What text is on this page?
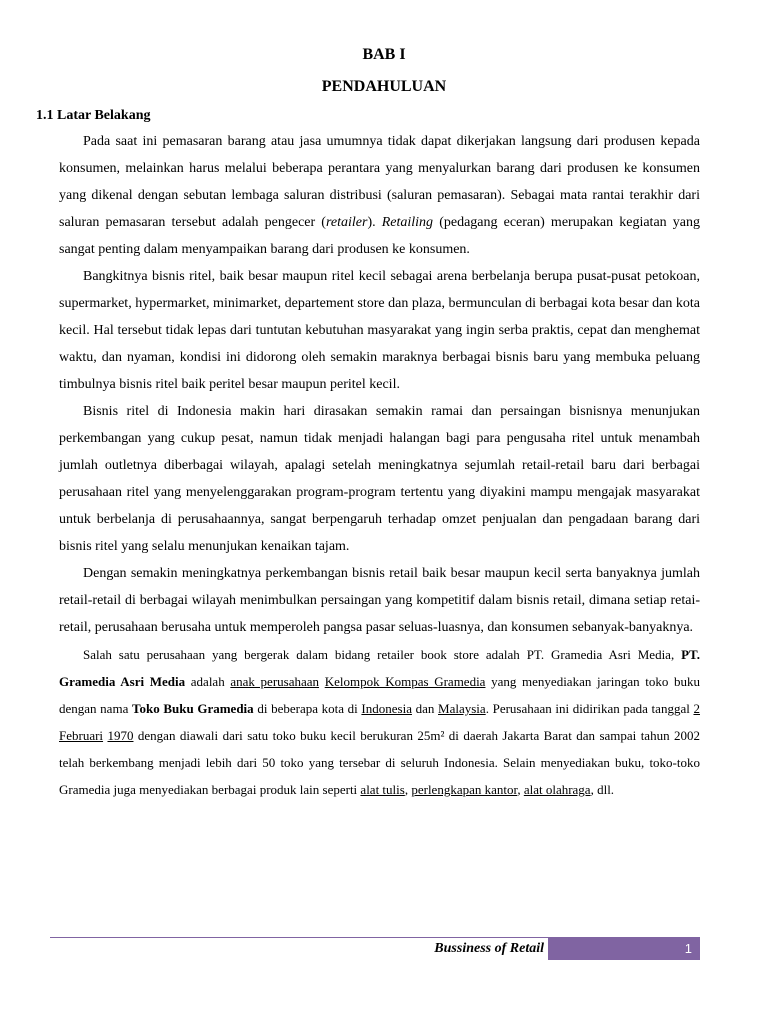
BAB I
PENDAHULUAN
1.1 Latar Belakang

Pada saat ini pemasaran barang atau jasa umumnya tidak dapat dikerjakan langsung dari produsen kepada konsumen, melainkan harus melalui beberapa perantara yang menyalurkan barang dari produsen ke konsumen yang dikenal dengan sebutan lembaga saluran distribusi (saluran pemasaran). Sebagai mata rantai terakhir dari saluran pemasaran tersebut adalah pengecer (retailer). Retailing (pedagang eceran) merupakan kegiatan yang sangat penting dalam menyampaikan barang dari produsen ke konsumen.

Bangkitnya bisnis ritel, baik besar maupun ritel kecil sebagai arena berbelanja berupa pusat-pusat petokoan, supermarket, hypermarket, minimarket, departement store dan plaza, bermunculan di berbagai kota besar dan kota kecil. Hal tersebut tidak lepas dari tuntutan kebutuhan masyarakat yang ingin serba praktis, cepat dan menghemat waktu, dan nyaman, kondisi ini didorong oleh semakin maraknya berbagai bisnis baru yang membuka peluang timbulnya bisnis ritel baik peritel besar maupun peritel kecil.

Bisnis ritel di Indonesia makin hari dirasakan semakin ramai dan persaingan bisnisnya menunjukan perkembangan yang cukup pesat, namun tidak menjadi halangan bagi para pengusaha ritel untuk menambah jumlah outletnya diberbagai wilayah, apalagi setelah meningkatnya sejumlah retail-retail baru dari berbagai perusahaan ritel yang menyelenggarakan program-program tertentu yang diyakini mampu mengajak masyarakat untuk berbelanja di perusahaannya, sangat berpengaruh terhadap omzet penjualan dan pengadaan barang dari bisnis ritel yang selalu menunjukan kenaikan tajam.

Dengan semakin meningkatnya perkembangan bisnis retail baik besar maupun kecil serta banyaknya jumlah retail-retail di berbagai wilayah menimbulkan persaingan yang kompetitif dalam bisnis retail, dimana setiap retai-retail, perusahaan berusaha untuk memperoleh pangsa pasar seluas-luasnya, dan konsumen sebanyak-banyaknya.

Salah satu perusahaan yang bergerak dalam bidang retailer book store adalah PT. Gramedia Asri Media, PT. Gramedia Asri Media adalah anak perusahaan Kelompok Kompas Gramedia yang menyediakan jaringan toko buku dengan nama Toko Buku Gramedia di beberapa kota di Indonesia dan Malaysia. Perusahaan ini didirikan pada tanggal 2 Februari 1970 dengan diawali dari satu toko buku kecil berukuran 25m² di daerah Jakarta Barat dan sampai tahun 2002 telah berkembang menjadi lebih dari 50 toko yang tersebar di seluruh Indonesia. Selain menyediakan buku, toko-toko Gramedia juga menyediakan berbagai produk lain seperti alat tulis, perlengkapan kantor, alat olahraga, dll.

Bussiness of Retail	1
